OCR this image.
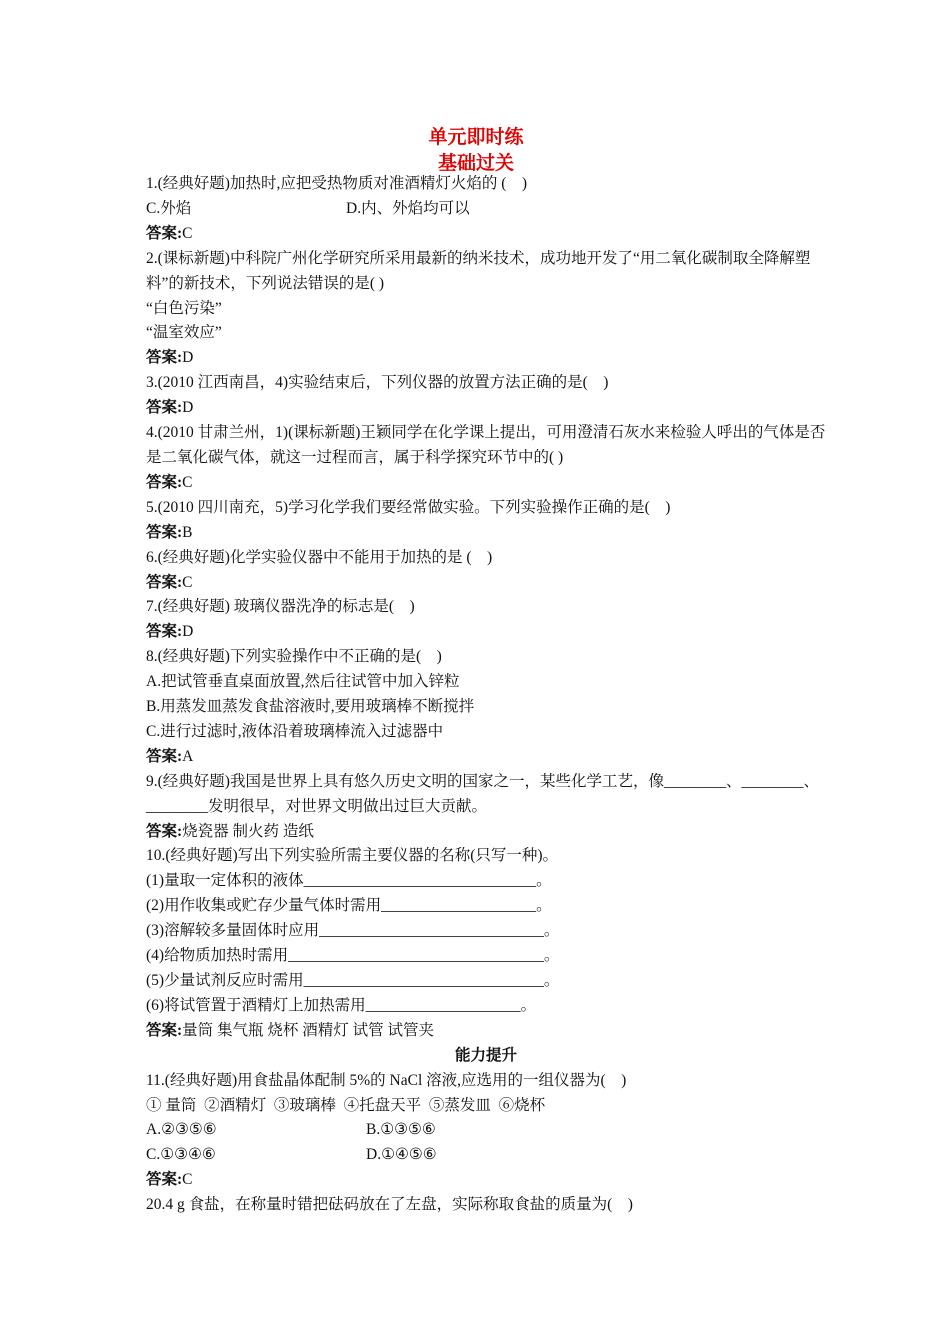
单元即时练
基础过关
1.(经典好题)加热时,应把受热物质对准酒精灯火焰的 (    )
C.外焰	D.内、外焰均可以
答案:C
2.(课标新题)中科院广州化学研究所采用最新的纳米技术，成功地开发了“用二氧化碳制取全降解塑料”的新技术，下列说法错误的是( )
“白色污染”
“温室效应”
答案:D
3.(2010 江西南昌，4)实验结束后，下列仪器的放置方法正确的是(    )
答案:D
4.(2010 甘肃兰州，1)(课标新题)王颖同学在化学课上提出，可用澄清石灰水来检验人呼出的气体是否是二氧化碳气体，就这一过程而言，属于科学探究环节中的( )
答案:C
5.(2010 四川南充，5)学习化学我们要经常做实验。下列实验操作正确的是(    )
答案:B
6.(经典好题)化学实验仪器中不能用于加热的是 (    )
答案:C
7.(经典好题) 玻璃仪器洗净的标志是(    )
答案:D
8.(经典好题)下列实验操作中不正确的是(    )
A.把试管垂直桌面放置,然后往试管中加入锌粒
B.用蒸发皿蒸发食盐溶液时,要用玻璃棒不断搅拌
C.进行过滤时,液体沿着玻璃棒流入过滤器中
答案:A
9.(经典好题)我国是世界上具有悠久历史文明的国家之一，某些化学工艺，像________、________、________发明很早，对世界文明做出过巨大贡献。
答案:烧瓷器 制火药 造纸
10.(经典好题)写出下列实验所需主要仪器的名称(只写一种)。
(1)量取一定体积的液体______________________________。
(2)用作收集或贮存少量气体时需用____________________。
(3)溶解较多量固体时应用_____________________________。
(4)给物质加热时需用_________________________________。
(5)少量试剂反应时需用_______________________________。
(6)将试管置于酒精灯上加热需用____________________。
答案:量筒 集气瓶 烧杯 酒精灯 试管 试管夹
能力提升
11.(经典好题)用食盐晶体配制 5%的 NaCl 溶液,应选用的一组仪器为(    )
① 量筒  ②酒精灯  ③玻璃棒  ④托盘天平  ⑤蒸发皿  ⑥烧杯
A.②③⑤⑥	B.①③⑤⑥
C.①③④⑥	D.①④⑤⑥
答案:C
20.4 g 食盐，在称量时错把砝码放在了左盘，实际称取食盐的质量为(    )
